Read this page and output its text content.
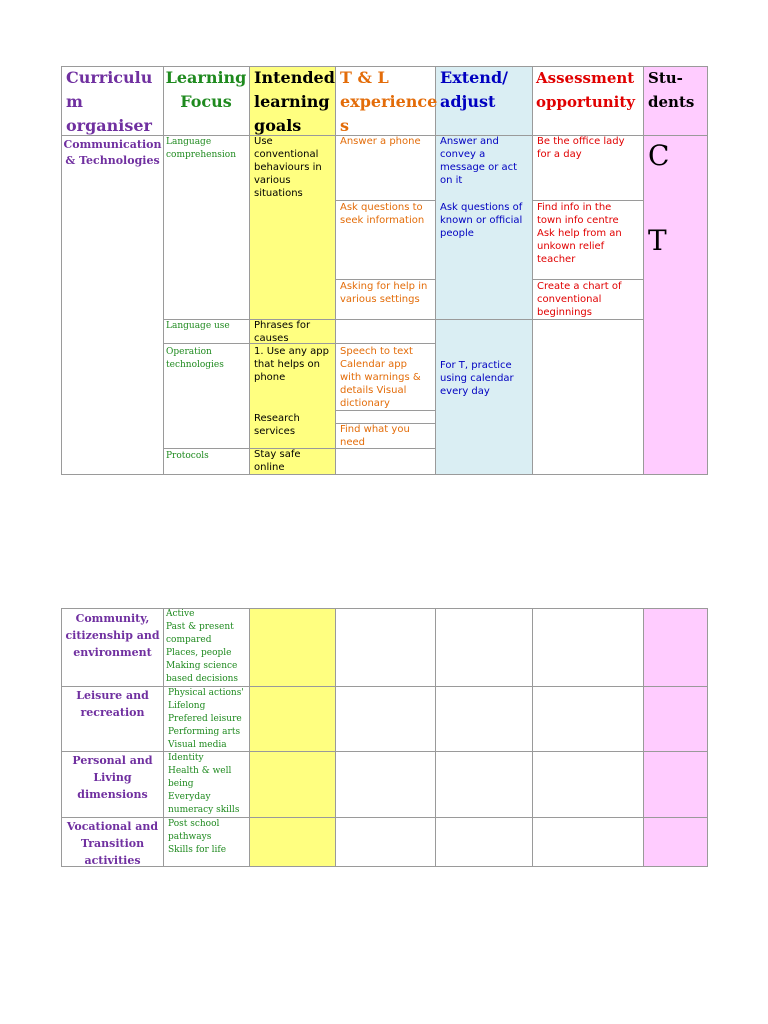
Curriculu
m
organiser
Learning
Focus
Intended
learning
goals
T & L
experience
s
Extend/
adjust
Assessment
opportunity
Stu-
dents
Communication
& Technologies
Language
comprehension
Language use
Operation
technologies
Protocols
Use
conventional
behaviours in
various
situations
Phrases for
causes
1. Use any app
that helps on
phone
Research
services
Stay safe
online
Answer a phone
Ask questions to
seek information
Asking for help in
various settings
Speech to text
Calendar app
with warnings &
details Visual
dictionary
Find what you
need
Answer and
convey a
message or act
on it
Ask questions of
known or official
people
For T, practice
using calendar
every day
Be the office lady
for a day
Find info in the
town info centre
Ask help from an
unkown relief
teacher
Create a chart of
conventional
beginnings
C
T
Community,
citizenship and
environment
Active
Past & present
compared
Places, people
Making science
based decisions
Leisure and
recreation
Physical actions'
Lifelong
Prefered leisure
Performing arts
Visual media
Personal and
Living
dimensions
Identity
Health & well
being
Everyday
numeracy skills
Vocational and
Transition
activities
Post school
pathways
Skills for life
